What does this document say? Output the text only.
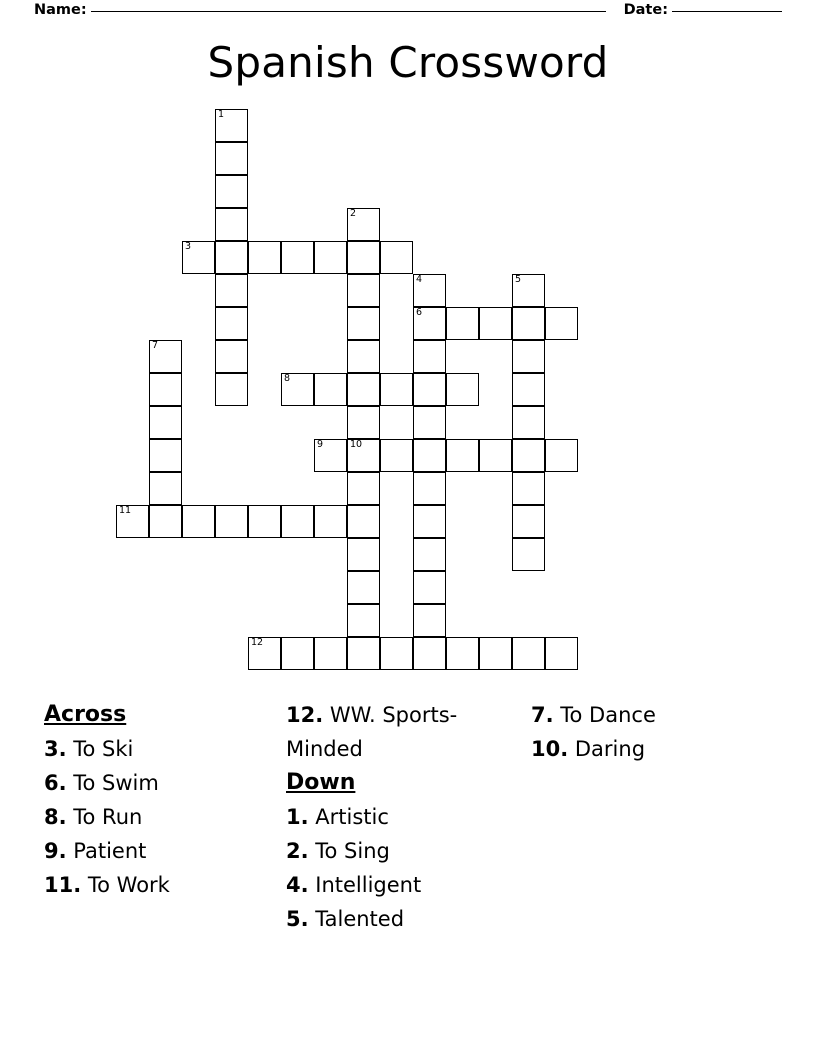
Name:	Date:
Spanish Crossword
1
2
3
4	5
6
7
8
9	10
11
12
Across
3. To Ski
6. To Swim
8. To Run
9. Patient
11. To Work
12. WW. Sports-Minded
Down
1. Artistic
2. To Sing
4. Intelligent
5. Talented
7. To Dance
10. Daring
